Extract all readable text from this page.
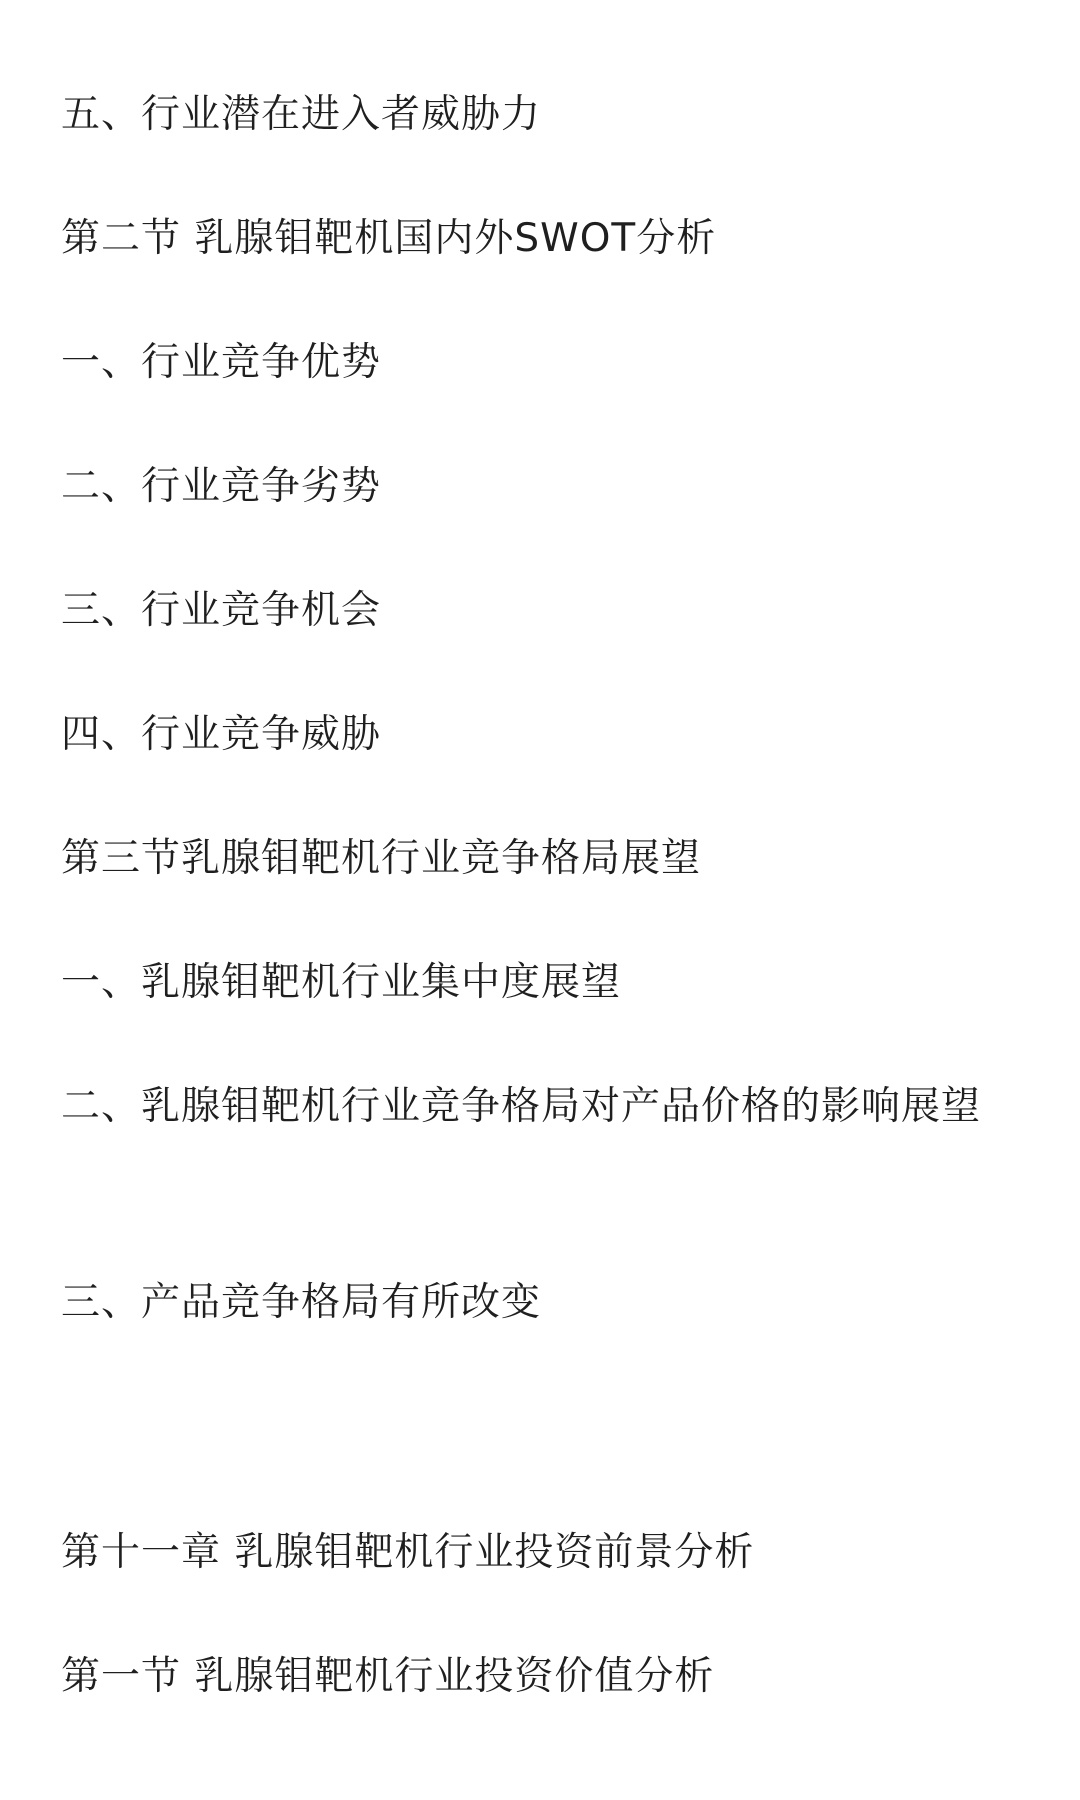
五、行业潜在进入者威胁力

第二节 乳腺钼靶机国内外SWOT分析

一、行业竞争优势

二、行业竞争劣势

三、行业竞争机会

四、行业竞争威胁

第三节乳腺钼靶机行业竞争格局展望

一、乳腺钼靶机行业集中度展望

二、乳腺钼靶机行业竞争格局对产品价格的影响展望

三、产品竞争格局有所改变

第十一章 乳腺钼靶机行业投资前景分析

第一节 乳腺钼靶机行业投资价值分析
